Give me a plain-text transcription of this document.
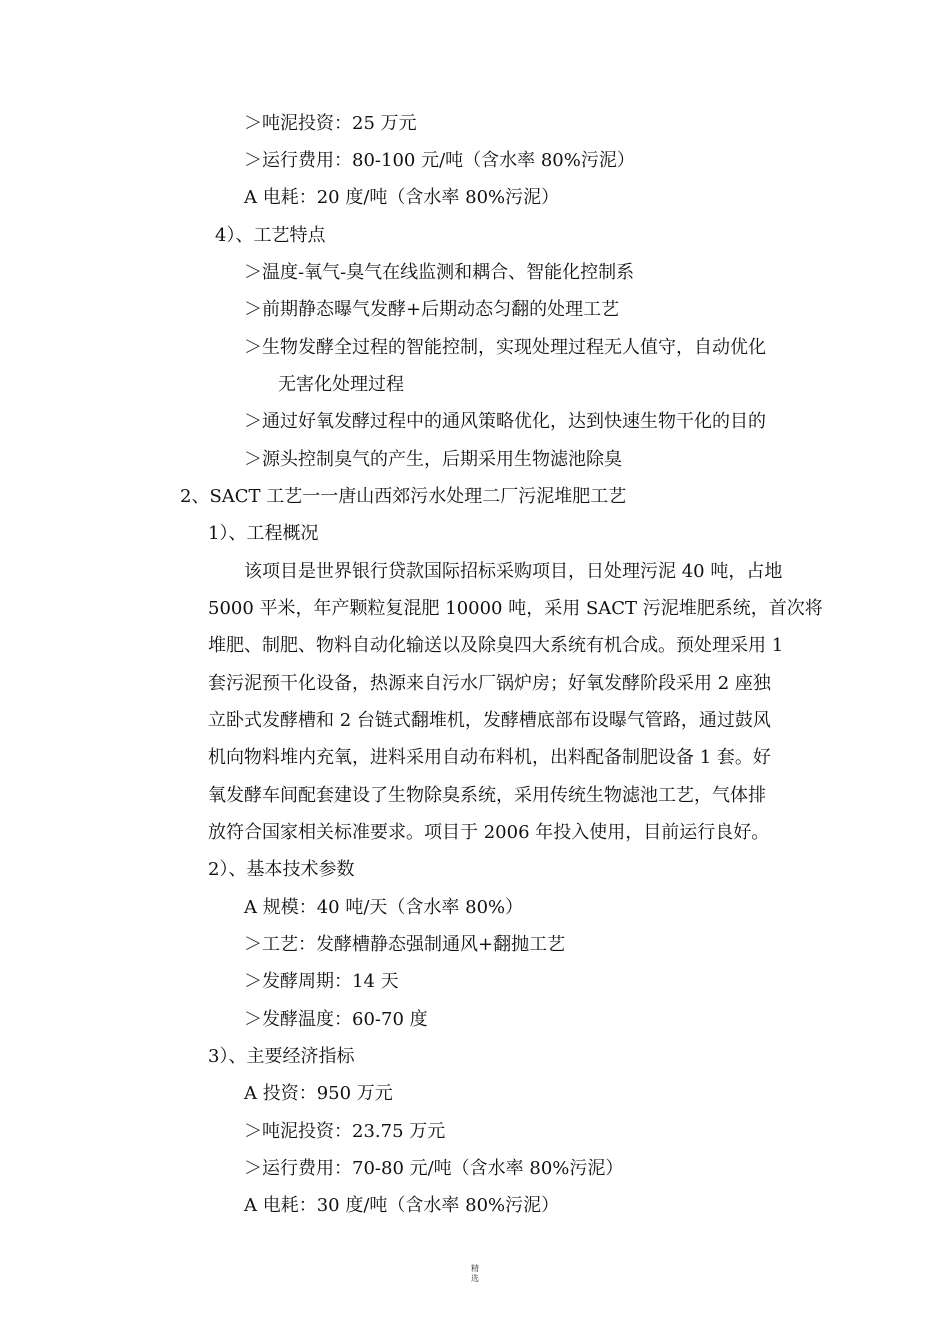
＞吨泥投资：25 万元
＞运行费用：80-100 元/吨（含水率 80%污泥）
A 电耗：20 度/吨（含水率 80%污泥）
4）、工艺特点
＞温度-氧气-臭气在线监测和耦合、智能化控制系
＞前期静态曝气发酵+后期动态匀翻的处理工艺
＞生物发酵全过程的智能控制，实现处理过程无人值守，自动优化
无害化处理过程
＞通过好氧发酵过程中的通风策略优化，达到快速生物干化的目的
＞源头控制臭气的产生，后期采用生物滤池除臭
2、SACT 工艺一一唐山西郊污水处理二厂污泥堆肥工艺
1）、工程概况
该项目是世界银行贷款国际招标采购项目，日处理污泥 40 吨，占地
5000 平米，年产颗粒复混肥 10000 吨，采用 SACT 污泥堆肥系统，首次将
堆肥、制肥、物料自动化输送以及除臭四大系统有机合成。预处理采用 1
套污泥预干化设备，热源来自污水厂锅炉房；好氧发酵阶段采用 2 座独
立卧式发酵槽和 2 台链式翻堆机，发酵槽底部布设曝气管路，通过鼓风
机向物料堆内充氧，进料采用自动布料机，出料配备制肥设备 1 套。好
氧发酵车间配套建设了生物除臭系统，采用传统生物滤池工艺，气体排
放符合国家相关标准要求。项目于 2006 年投入使用，目前运行良好。
2）、基本技术参数
A 规模：40 吨/天（含水率 80%）
＞工艺：发酵槽静态强制通风+翻抛工艺
＞发酵周期：14 天
＞发酵温度：60-70 度
3）、主要经济指标
A 投资：950 万元
＞吨泥投资：23.75 万元
＞运行费用：70-80 元/吨（含水率 80%污泥）
A 电耗：30 度/吨（含水率 80%污泥）
精
选
